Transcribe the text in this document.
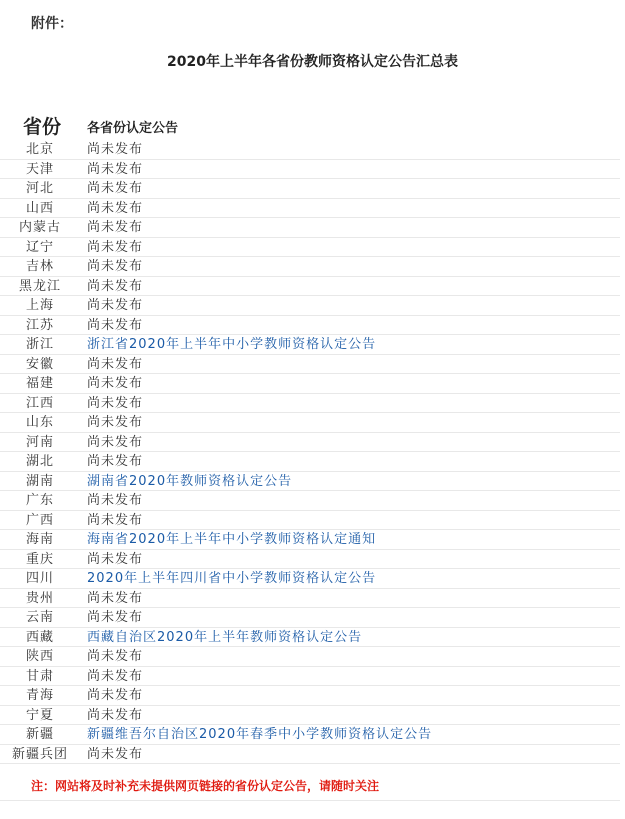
附件：
2020年上半年各省份教师资格认定公告汇总表
省份	各省份认定公告
北京	尚未发布
天津	尚未发布
河北	尚未发布
山西	尚未发布
内蒙古	尚未发布
辽宁	尚未发布
吉林	尚未发布
黑龙江	尚未发布
上海	尚未发布
江苏	尚未发布
浙江	浙江省2020年上半年中小学教师资格认定公告
安徽	尚未发布
福建	尚未发布
江西	尚未发布
山东	尚未发布
河南	尚未发布
湖北	尚未发布
湖南	湖南省2020年教师资格认定公告
广东	尚未发布
广西	尚未发布
海南	海南省2020年上半年中小学教师资格认定通知
重庆	尚未发布
四川	2020年上半年四川省中小学教师资格认定公告
贵州	尚未发布
云南	尚未发布
西藏	西藏自治区2020年上半年教师资格认定公告
陕西	尚未发布
甘肃	尚未发布
青海	尚未发布
宁夏	尚未发布
新疆	新疆维吾尔自治区2020年春季中小学教师资格认定公告
新疆兵团	尚未发布
注：网站将及时补充未提供网页链接的省份认定公告，请随时关注
